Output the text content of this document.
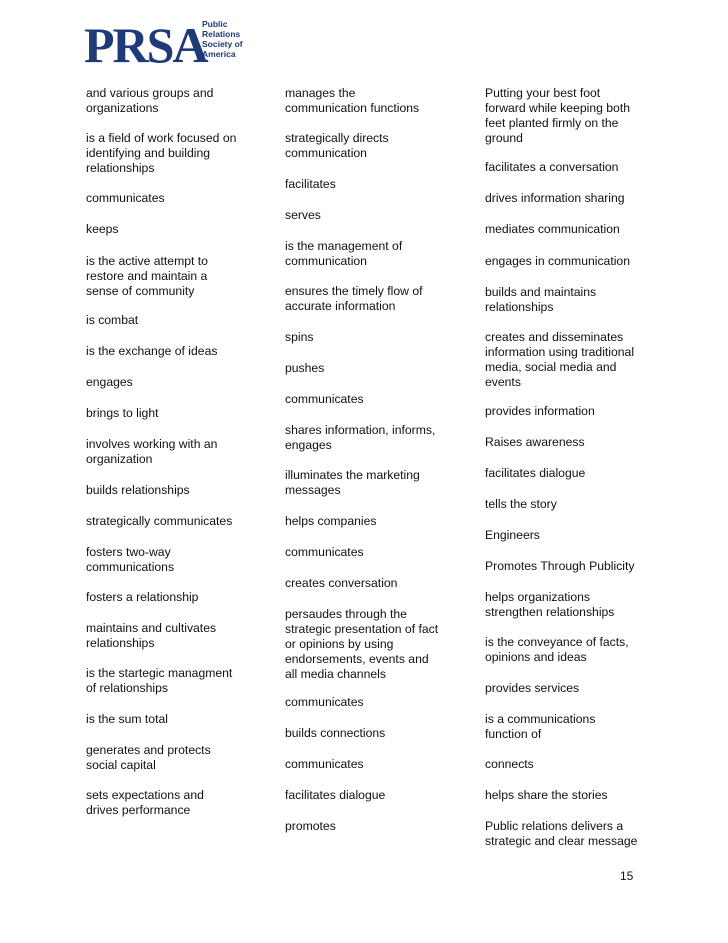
PRSA
Public
Relations
Society of
America
and various groups and
organizations
is a field of work focused on
identifying and building
relationships
communicates
keeps
is the active attempt to
restore and maintain a
sense of community
is combat
is the exchange of ideas
engages
brings to light
involves working with an
organization
builds relationships
strategically communicates
fosters two-way
communications
fosters a relationship
maintains and cultivates
relationships
is the startegic managment
of relationships
is the sum total
generates and protects
social capital
sets expectations and
drives performance
manages the
communication functions
strategically directs
communication
facilitates
serves
is the management of
communication
ensures the timely flow of
accurate information
spins
pushes
communicates
shares information, informs,
engages
illuminates the marketing
messages
helps companies
communicates
creates conversation
persaudes through the
strategic presentation of fact
or opinions by using
endorsements, events and
all media channels
communicates
builds connections
communicates
facilitates dialogue
promotes
Putting your best foot
forward while keeping both
feet planted firmly on the
ground
facilitates a conversation
drives information sharing
mediates communication
engages in communication
builds and maintains
relationships
creates and disseminates
information using traditional
media, social media and
events
provides information
Raises awareness
facilitates dialogue
tells the story
Engineers
Promotes Through Publicity
helps organizations
strengthen relationships
is the conveyance of facts,
opinions and ideas
provides services
is a communications
function of
connects
helps share the stories
Public relations delivers a
strategic and clear message
15
